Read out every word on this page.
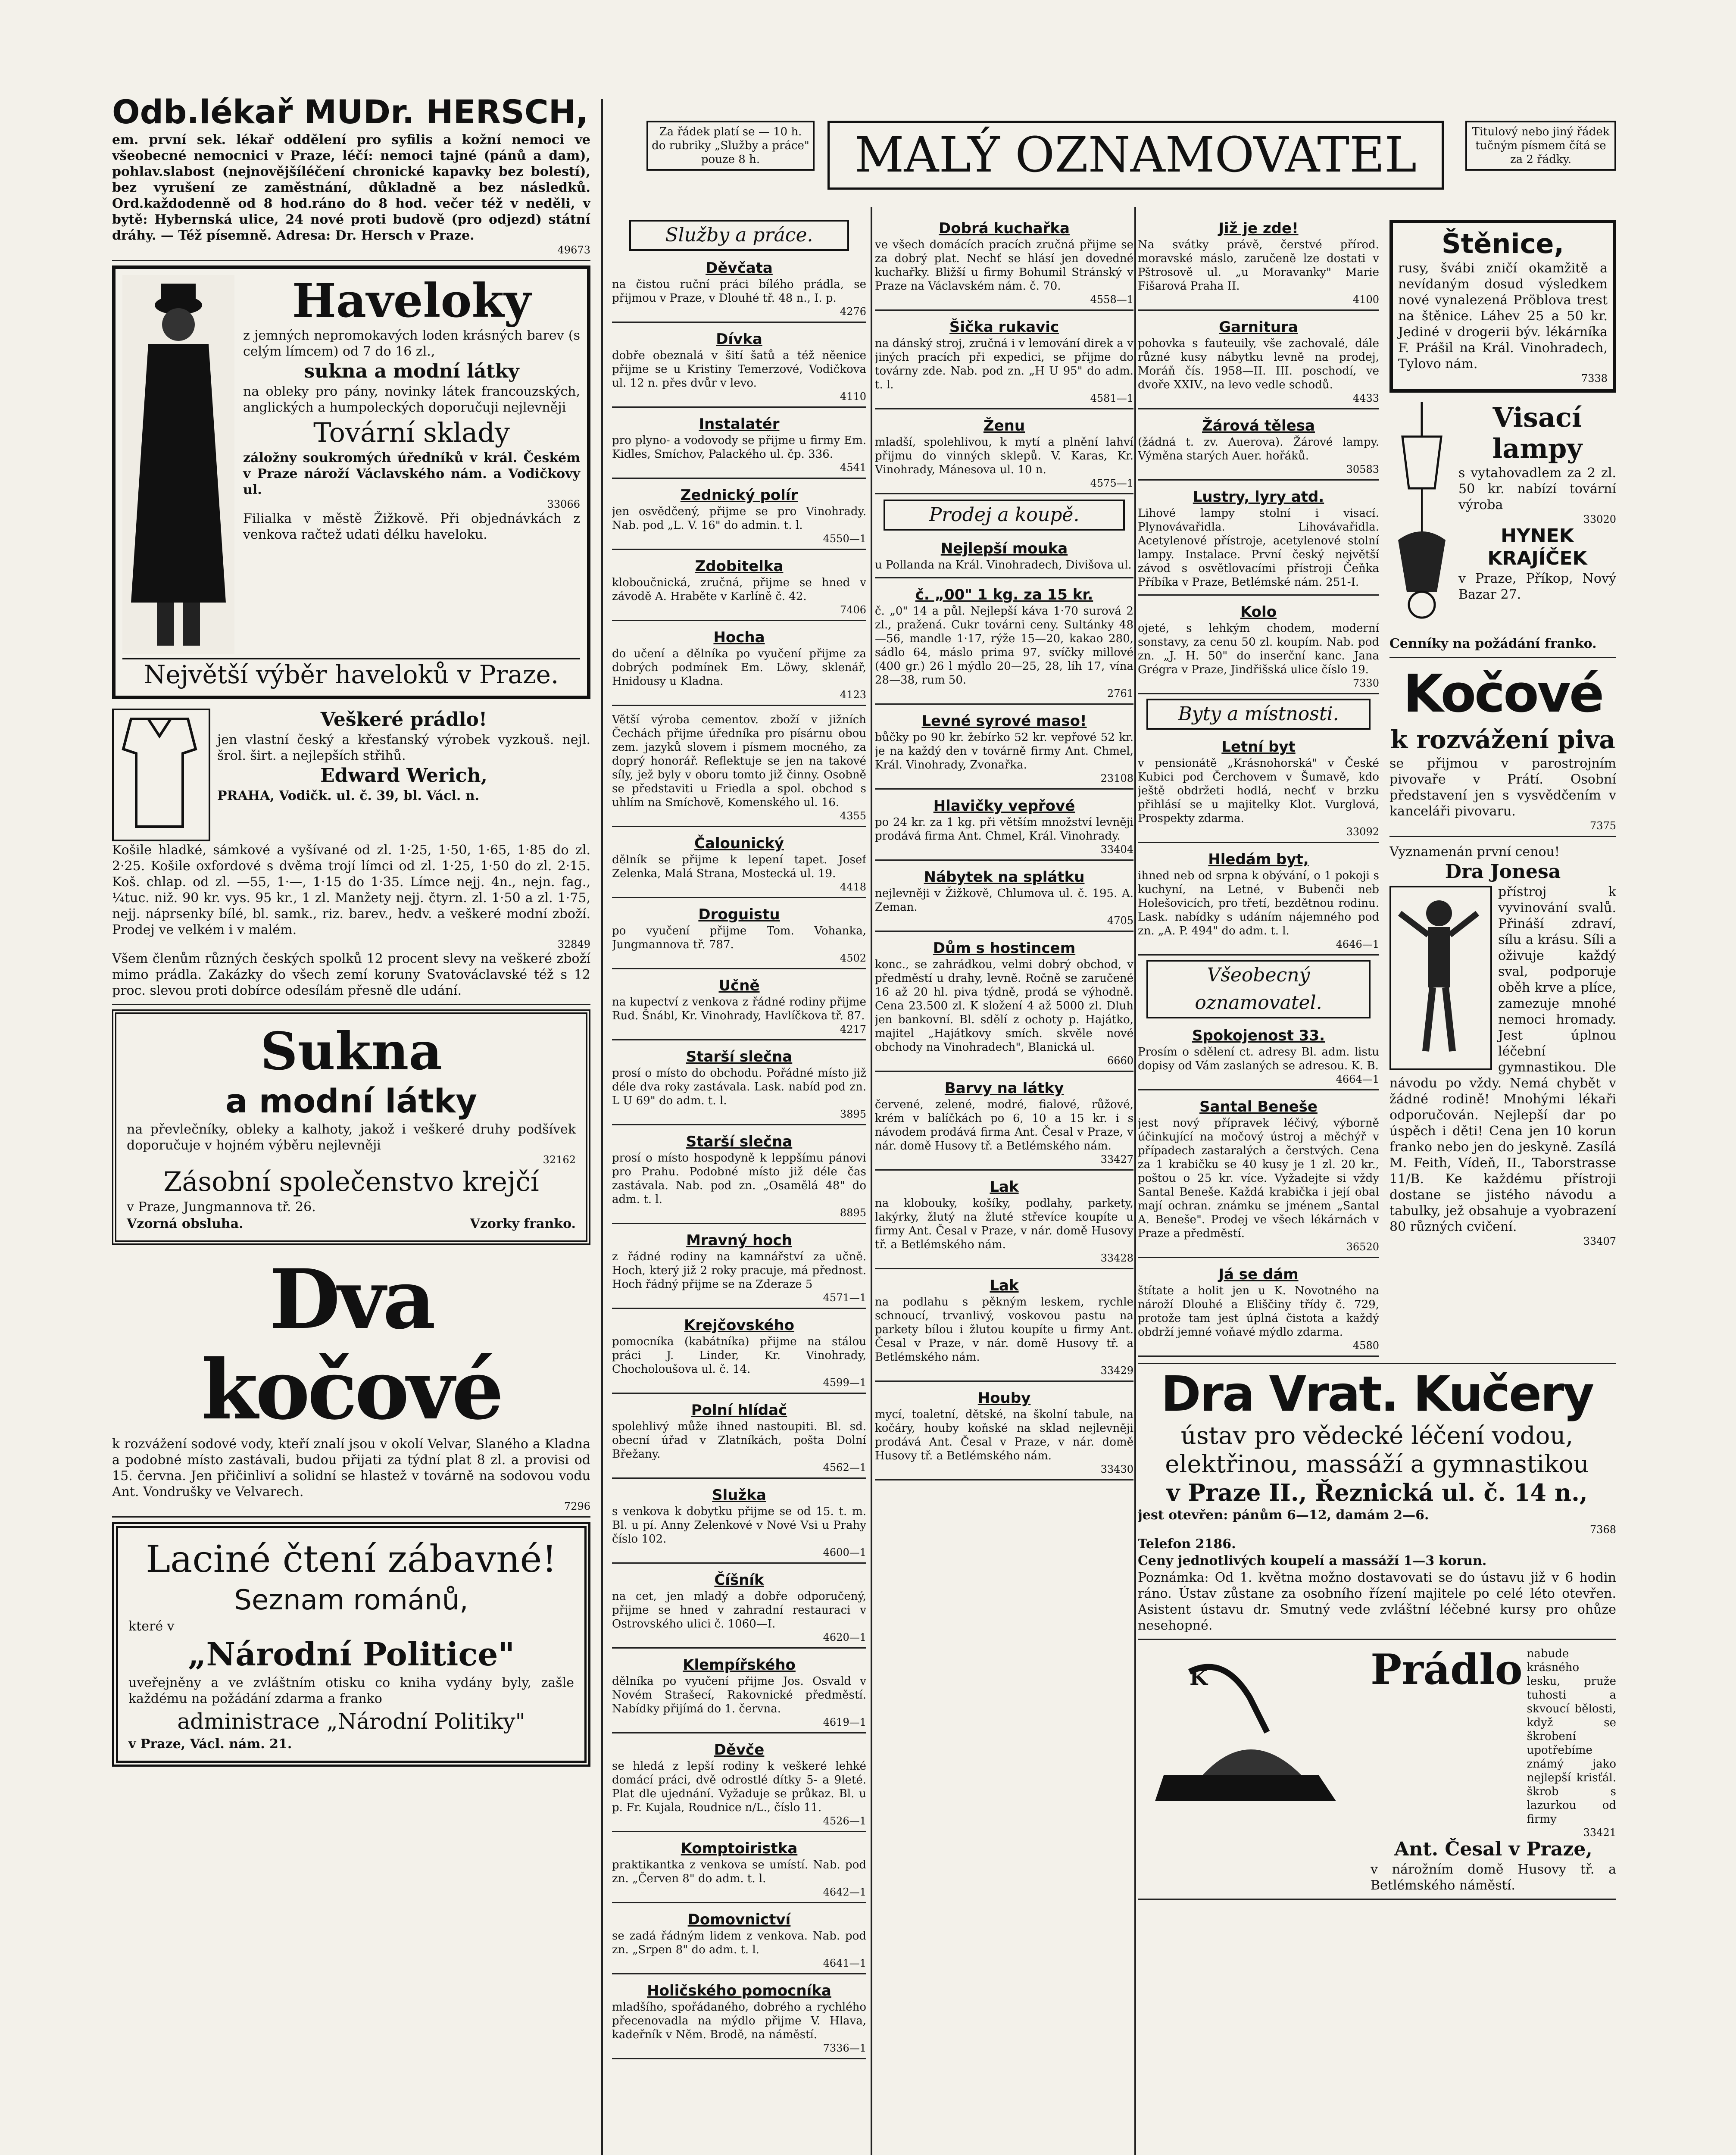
Za řádek platí se — 10 h. do rubriky „Služby a práce" pouze 8 h.	MALÝ OZNAMOVATEL	Titulový nebo jiný řádek tučným písmem čítá se za 2 řádky.
Odb.lékař MUDr. HERSCH,
em. první sek. lékař oddělení pro syfilis a kožní nemoci ve všeobecné nemocnici v Praze, léčí: nemoci tajné (pánů a dam), pohlav.slabost (nejnovějšíléčení chronické kapavky bez bolestí), bez vyrušení ze zaměstnání, důkladně a bez následků. Ord.každodenně od 8 hod.ráno do 8 hod. večer též v neděli, v bytě: Hybernská ulice, 24 nové proti budově (pro odjezd) státní dráhy. — Též písemně. Adresa: Dr. Hersch v Praze.
49673
Haveloky
z jemných nepromokavých loden krásných barev (s celým límcem) od 7 do 16 zl.,
sukna a modní látky
na obleky pro pány, novinky látek francouzských, anglických a humpoleckých doporučuji nejlevněji
Tovární sklady
záložny soukromých úředníků v král. Českém v Praze nároží Václavského nám. a Vodičkovy ul.
33066
Filialka v městě Žižkově. Při objednávkách z venkova račtež udati délku haveloku.
Největší výběr haveloků v Praze.
Veškeré prádlo!
jen vlastní český a křesťanský výrobek vyzkouš. nejl. šrol. širt. a nejlepších střihů.
Edward Werich,
PRAHA, Vodičk. ul. č. 39, bl. Václ. n.
Košile hladké, sámkové a vyšívané od zl. 1·25, 1·50, 1·65, 1·85 do zl. 2·25. Košile oxfordové s dvěma trojí límci od zl. 1·25, 1·50 do zl. 2·15. Koš. chlap. od zl. —55, 1·—, 1·15 do 1·35. Límce nejj. 4n., nejn. fag., ¼tuc. niž. 90 kr. vys. 95 kr., 1 zl. Manžety nejj. čtyrn. zl. 1·50 a zl. 1·75, nejj. náprsenky bílé, bl. samk., riz. barev., hedv. a veškeré modní zboží. Prodej ve velkém i v malém.
32849
Všem členům různých českých spolků 12 procent slevy na veškeré zboží mimo prádla. Zakázky do všech zemí koruny Svatováclavské též s 12 proc. slevou proti dobírce odesílám přesně dle udání.
Sukna
a modní látky
na převlečníky, obleky a kalhoty, jakož i veškeré druhy podšívek doporučuje v hojném výběru nejlevněji
32162
Zásobní společenstvo krejčí
v Praze, Jungmannova tř. 26.
Vzorná obsluha.	Vzorky franko.
Dva kočové
k rozvážení sodové vody, kteří znalí jsou v okolí Velvar, Slaného a Kladna a podobné místo zastávali, budou přijati za týdní plat 8 zl. a provisi od 15. června. Jen přičinliví a solidní se hlastež v továrně na sodovou vodu Ant. Vondrušky ve Velvarech.
7296
Laciné čtení zábavné!
Seznam románů,
které v
„Národní Politice"
uveřejněny a ve zvláštním otisku co kniha vydány byly, zašle každému na požádání zdarma a franko
administrace „Národní Politiky"
v Praze, Václ. nám. 21.
Služby a práce.
Děvčata
na čistou ruční práci bílého prádla, se přijmou v Praze, v Dlouhé tř. 48 n., I. p.
4276
Dívka
dobře obeznalá v šití šatů a též něenice přijme se u Kristiny Temerzové, Vodičkova ul. 12 n. přes dvůr v levo.
4110
Instalatér
pro plyno- a vodovody se přijme u firmy Em. Kidles, Smíchov, Palackého ul. čp. 336.
4541
Zednický polír
jen osvědčený, přijme se pro Vinohrady. Nab. pod „L. V. 16" do admin. t. l.
4550—1
Zdobitelka
kloboučnická, zručná, přijme se hned v závodě A. Hraběte v Karlíně č. 42.
7406
Hocha
do učení a dělníka po vyučení přijme za dobrých podmínek Em. Löwy, sklenář, Hnidousy u Kladna.
4123
Větší výroba cementov. zboží v jižních Čechách přijme úředníka pro písárnu obou zem. jazyků slovem i písmem mocného, za doprý honorář. Reflektuje se jen na takové síly, jež byly v oboru tomto již činny. Osobně se představiti u Friedla a spol. obchod s uhlím na Smíchově, Komenského ul. 16.
4355
Čalounický
dělník se přijme k lepení tapet. Josef Zelenka, Malá Strana, Mostecká ul. 19.
4418
Droguistu
po vyučení přijme Tom. Vohanka, Jungmannova tř. 787.
4502
Učně
na kupectví z venkova z řádné rodiny přijme Rud. Šnábl, Kr. Vinohrady, Havlíčkova tř. 87.
4217
Starší slečna
prosí o místo do obchodu. Pořádné místo již déle dva roky zastávala. Lask. nabíd pod zn. L U 69" do adm. t. l.
3895
Starší slečna
prosí o místo hospodyně k leppšímu pánovi pro Prahu. Podobné místo již déle čas zastávala. Nab. pod zn. „Osamělá 48" do adm. t. l.
8895
Mravný hoch
z řádné rodiny na kamnářství za učně. Hoch, který již 2 roky pracuje, má přednost. Hoch řádný přijme se na Zderaze 5
4571—1
Krejčovského
pomocníka (kabátníka) přijme na stálou práci J. Linder, Kr. Vinohrady, Chocholoušova ul. č. 14.
4599—1
Polní hlídač
spolehlivý může ihned nastoupiti. Bl. sd. obecní úřad v Zlatníkách, pošta Dolní Břežany.
4562—1
Služka
s venkova k dobytku přijme se od 15. t. m. Bl. u pí. Anny Zelenkové v Nové Vsi u Prahy číslo 102.
4600—1
Číšník
na cet, jen mladý a dobře odporučený, přijme se hned v zahradní restauraci v Ostrovského ulici č. 1060—I.
4620—1
Klempířského
dělníka po vyučení přijme Jos. Osvald v Novém Strašecí, Rakovnické předměstí. Nabídky přijímá do 1. června.
4619—1
Děvče
se hledá z lepší rodiny k veškeré lehké domácí práci, dvě odrostlé dítky 5- a 9leté. Plat dle ujednání. Vyžaduje se průkaz. Bl. u p. Fr. Kujala, Roudnice n/L., číslo 11.
4526—1
Komptoiristka
praktikantka z venkova se umístí. Nab. pod zn. „Červen 8" do adm. t. l.
4642—1
Domovnictví
se zadá řádným lidem z venkova. Nab. pod zn. „Srpen 8" do adm. t. l.
4641—1
Holičského pomocníka
mladšího, spořádaného, dobrého a rychlého přecenovadla na mýdlo přijme V. Hlava, kadeřník v Něm. Brodě, na náměstí.
7336—1
Dobrá kuchařka
ve všech domácích pracích zručná přijme se za dobrý plat. Nechť se hlásí jen dovedné kuchařky. Bližší u firmy Bohumil Stránský v Praze na Václavském nám. č. 70.
4558—1
Šička rukavic
na dánský stroj, zručná i v lemování direk a v jiných pracích při expedici, se přijme do továrny zde. Nab. pod zn. „H U 95" do adm. t. l.
4581—1
Ženu
mladší, spolehlivou, k mytí a plnění lahví přijmu do vinných sklepů. V. Karas, Kr. Vinohrady, Mánesova ul. 10 n.
4575—1
Prodej a koupě.
Nejlepší mouka
u Pollanda na Král. Vinohradech, Divišova ul.
č. „00" 1 kg. za 15 kr.
č. „0" 14 a půl. Nejlepší káva 1·70 surová 2 zl., pražená. Cukr továrni ceny. Sultánky 48—56, mandle 1·17, rýže 15—20, kakao 280, sádlo 64, máslo prima 97, svíčky millové (400 gr.) 26 l mýdlo 20—25, 28, líh 17, vína 28—38, rum 50.
2761
Levné syrové maso!
bůčky po 90 kr. žebírko 52 kr. vepřové 52 kr. je na každý den v továrně firmy Ant. Chmel, Král. Vinohrady, Zvonařka.
23108
Hlavičky vepřové
po 24 kr. za 1 kg. při větším množství levněji prodává firma Ant. Chmel, Král. Vinohrady.
33404
Nábytek na splátku
nejlevněji v Žižkově, Chlumova ul. č. 195. A. Zeman.
4705
Dům s hostincem
konc., se zahrádkou, velmi dobrý obchod, v předměstí u drahy, levně. Ročně se zaručené 16 až 20 hl. piva týdně, prodá se výhodně. Cena 23.500 zl. K složení 4 až 5000 zl. Dluh jen bankovní. Bl. sdělí z ochoty p. Hajátko, majitel „Hajátkovy smích. skvěle nové obchody na Vinohradech", Blanická ul.
6660
Barvy na látky
červené, zelené, modré, fialové, růžové, krém v balíčkách po 6, 10 a 15 kr. i s návodem prodává firma Ant. Česal v Praze, v nár. domě Husovy tř. a Betlémského nám.
33427
Lak
na klobouky, košíky, podlahy, parkety, lakýrky, žlutý na žluté střevíce koupíte u firmy Ant. Česal v Praze, v nár. domě Husovy tř. a Betlémského nám.
33428
Lak
na podlahu s pěkným leskem, rychle schnoucí, trvanlivý, voskovou pastu na parkety bílou i žlutou koupíte u firmy Ant. Česal v Praze, v nár. domě Husovy tř. a Betlémského nám.
33429
Houby
mycí, toaletní, dětské, na školní tabule, na kočáry, houby koňské na sklad nejlevněji prodává Ant. Česal v Praze, v nár. domě Husovy tř. a Betlémského nám.
33430
Již je zde!
Na svátky právě, čerstvé přírod. moravské máslo, zaručeně lze dostati v Pštrosově ul. „u Moravanky" Marie Fišarová Praha II.
4100
Garnitura
pohovka s fauteuily, vše zachovalé, dále různé kusy nábytku levně na prodej, Moráň čís. 1958—II. III. poschodí, ve dvoře XXIV., na levo vedle schodů.
4433
Žárová tělesa
(žádná t. zv. Auerova). Žárové lampy. Výměna starých Auer. hořáků.
30583
Lustry, lyry atd.
Lihové lampy stolní i visací. Plynovávařidla. Lihovávařidla. Acetylenové přístroje, acetylenové stolní lampy. Instalace. První český největší závod s osvětlovacími přístroji Čeňka Příbíka v Praze, Betlémské nám. 251-I.
Kolo
ojeté, s lehkým chodem, moderní sonstavy, za cenu 50 zl. koupím. Nab. pod zn. „J. H. 50" do inserční kanc. Jana Grégra v Praze, Jindřišská ulice číslo 19.
7330
Byty a místnosti.
Letní byt
v pensionátě „Krásnohorská" v České Kubici pod Čerchovem v Šumavě, kdo ještě obdržeti hodlá, nechť v brzku přihlásí se u majitelky Klot. Vurglová, Prospekty zdarma.
33092
Hledám byt,
ihned neb od srpna k obývání, o 1 pokoji s kuchyní, na Letné, v Bubenči neb Holešovicích, pro třetí, bezdětnou rodinu. Lask. nabídky s udáním nájemného pod zn. „A. P. 494" do adm. t. l.
4646—1
Všeobecný oznamovatel.
Spokojenost 33.
Prosím o sdělení ct. adresy Bl. adm. listu dopisy od Vám zaslaných se adresou. K. B.
4664—1
Santal Beneše
jest nový přípravek léčivý, výborně účinkující na močový ústroj a měchýř v případech zastaralých a čerstvých. Cena za 1 krabičku se 40 kusy je 1 zl. 20 kr., poštou o 25 kr. více. Vyžadejte si vždy Santal Beneše. Každá krabička i její obal mají ochran. známku se jménem „Santal A. Beneše". Prodej ve všech lékárnách v Praze a předměstí.
36520
Já se dám
štítate a holit jen u K. Novotného na nároží Dlouhé a Eliščiny třídy č. 729, protože tam jest úplná čistota a každý obdrží jemné voňavé mýdlo zdarma.
4580
Štěnice,
rusy, švábi zničí okamžitě a nevídaným dosud výsledkem nové vynalezená Pröblova trest na štěnice. Láhev 25 a 50 kr. Jediné v drogerii býv. lékárníka F. Prášil na Král. Vinohradech, Tylovo nám.
7338
Visací lampy
s vytahovadlem za 2 zl. 50 kr. nabízí tovární výroba
33020
HYNEK KRAJÍČEK
v Praze, Příkop, Nový Bazar 27.
Cenníky na požádání franko.
Kočové
k rozvážení piva
se přijmou v parostrojním pivovaře v Prátí. Osobní představení jen s vysvědčením v kanceláři pivovaru.
7375
Vyznamenán první cenou!
Dra Jonesa
přístroj k vyvinování svalů. Přináší zdraví, sílu a krásu. Síli a oživuje každý sval, podporuje oběh krve a plíce, zamezuje mnohé nemoci hromady. Jest úplnou léčební gymnastikou. Dle návodu po vždy. Nemá chybět v žádné rodině! Mnohými lékaři odporučován. Nejlepší dar po úspěch i děti! Cena jen 10 korun franko nebo jen do jeskyně. Zasílá M. Feith, Vídeň, II., Taborstrasse 11/B. Ke každému přístroji dostane se jistého návodu a tabulky, jež obsahuje a vyobrazení 80 různých cvičení.
33407
Dra Vrat. Kučery
ústav pro vědecké léčení vodou, elektřinou, massáží a gymnastikou
v Praze II., Řeznická ul. č. 14 n.,
jest otevřen: pánům 6—12, damám 2—6.
7368
Telefon 2186.
Ceny jednotlivých koupelí a massáží 1—3 korun.
Poznámka: Od 1. května možno dostavovati se do ústavu již v 6 hodin ráno. Ústav zůstane za osobního řízení majitele po celé léto otevřen. Asistent ústavu dr. Smutný vede zvláštní léčebné kursy pro ohůze nesehopné.
K	Prádlo nabude krásného lesku, pruže tuhosti a skvoucí bělosti, když se škrobení upotřebíme známý jako nejlepší krisťál. škrob s lazurkou od firmy
33421
Ant. Česal v Praze,
v nárožním domě Husovy tř. a Betlémského náměstí.
